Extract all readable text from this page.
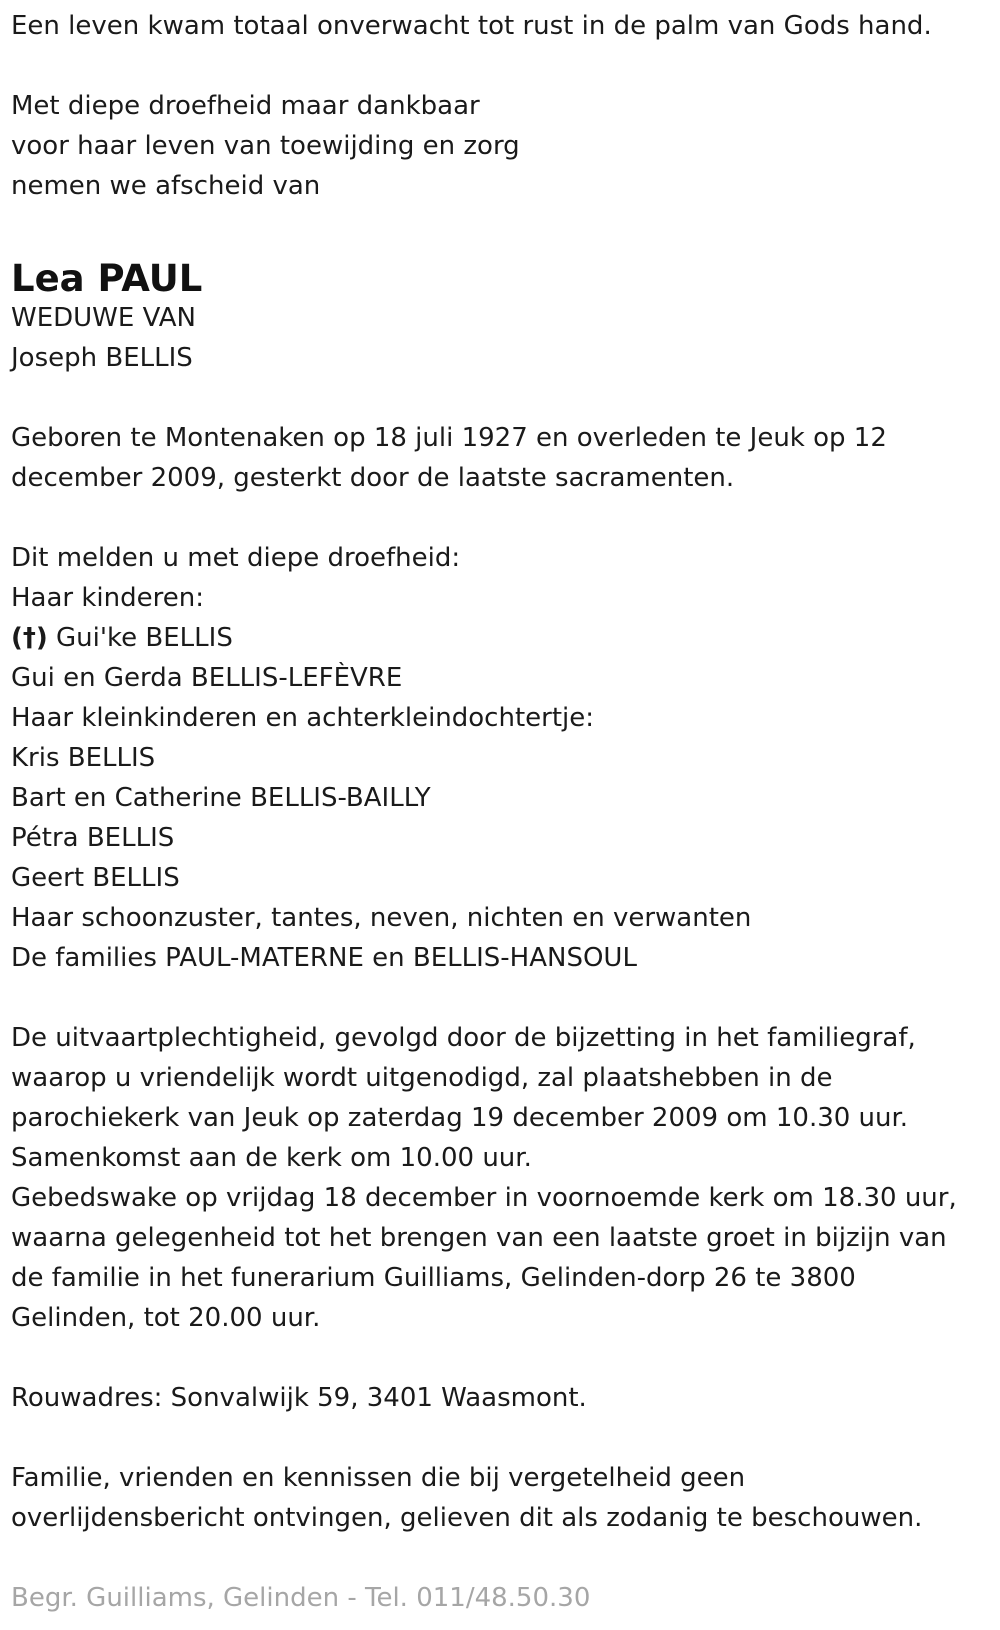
Een leven kwam totaal onverwacht tot rust in de palm van Gods hand.
Met diepe droefheid maar dankbaar
voor haar leven van toewijding en zorg
nemen we afscheid van
Lea PAUL
WEDUWE VAN
Joseph BELLIS
Geboren te Montenaken op 18 juli 1927 en overleden te Jeuk op 12
december 2009, gesterkt door de laatste sacramenten.
Dit melden u met diepe droefheid:
Haar kinderen:
(†) Gui'ke BELLIS
Gui en Gerda BELLIS-LEFÈVRE
Haar kleinkinderen en achterkleindochtertje:
Kris BELLIS
Bart en Catherine BELLIS-BAILLY
Pétra BELLIS
Geert BELLIS
Haar schoonzuster, tantes, neven, nichten en verwanten
De families PAUL-MATERNE en BELLIS-HANSOUL
De uitvaartplechtigheid, gevolgd door de bijzetting in het familiegraf,
waarop u vriendelijk wordt uitgenodigd, zal plaatshebben in de
parochiekerk van Jeuk op zaterdag 19 december 2009 om 10.30 uur.
Samenkomst aan de kerk om 10.00 uur.
Gebedswake op vrijdag 18 december in voornoemde kerk om 18.30 uur,
waarna gelegenheid tot het brengen van een laatste groet in bijzijn van
de familie in het funerarium Guilliams, Gelinden-dorp 26 te 3800
Gelinden, tot 20.00 uur.
Rouwadres: Sonvalwijk 59, 3401 Waasmont.
Familie, vrienden en kennissen die bij vergetelheid geen
overlijdensbericht ontvingen, gelieven dit als zodanig te beschouwen.
Begr. Guilliams, Gelinden - Tel. 011/48.50.30
